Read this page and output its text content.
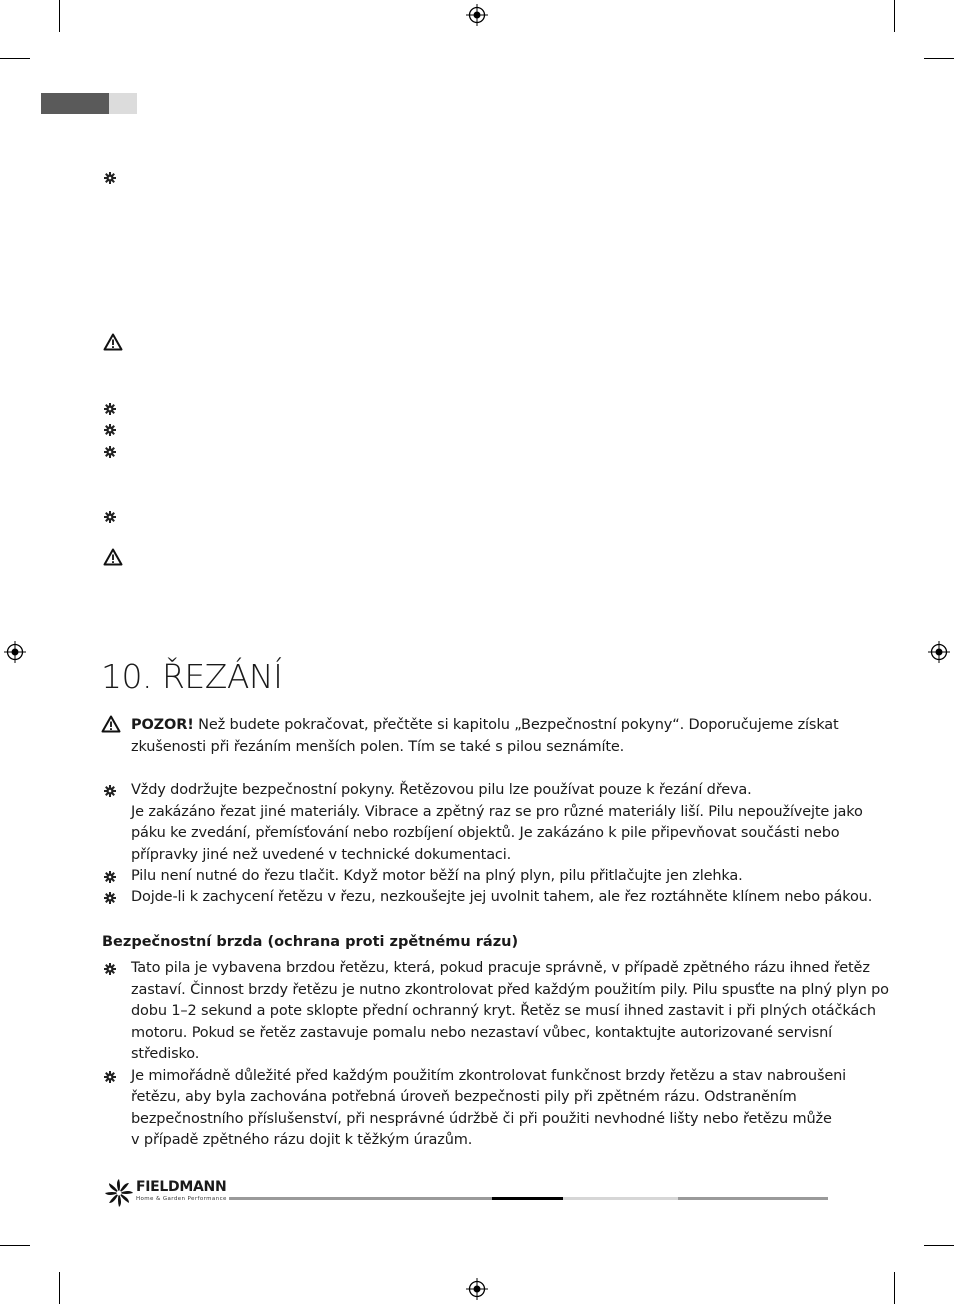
10. ŘEZÁNÍ
POZOR! Než budete pokračovat, přečtěte si kapitolu „Bezpečnostní pokyny“. Doporučujeme získat
zkušenosti při řezáním menších polen. Tím se také s pilou seznámíte.
Vždy dodržujte bezpečnostní pokyny. Řetězovou pilu lze používat pouze k řezání dřeva.
Je zakázáno řezat jiné materiály. Vibrace a zpětný raz se pro různé materiály liší. Pilu nepoužívejte jako
páku ke zvedání, přemísťování nebo rozbíjení objektů. Je zakázáno k pile připevňovat součásti nebo
přípravky jiné než uvedené v technické dokumentaci.
Pilu není nutné do řezu tlačit. Když motor běží na plný plyn, pilu přitlačujte jen zlehka.
Dojde-li k zachycení řetězu v řezu, nezkoušejte jej uvolnit tahem, ale řez roztáhněte klínem nebo pákou.
Bezpečnostní brzda (ochrana proti zpětnému rázu)
Tato pila je vybavena brzdou řetězu, která, pokud pracuje správně, v případě zpětného rázu ihned řetěz
zastaví. Činnost brzdy řetězu je nutno zkontrolovat před každým použitím pily. Pilu spusťte na plný plyn po
dobu 1–2 sekund a pote sklopte přední ochranný kryt. Řetěz se musí ihned zastavit i při plných otáčkách
motoru. Pokud se řetěz zastavuje pomalu nebo nezastaví vůbec, kontaktujte autorizované servisní
středisko.
Je mimořádně důležité před každým použitím zkontrolovat funkčnost brzdy řetězu a stav nabroušeni
řetězu, aby byla zachována potřebná úroveň bezpečnosti pily při zpětném rázu. Odstraněním
bezpečnostního příslušenství, při nesprávné údržbě či při použiti nevhodné lišty nebo řetězu může
v případě zpětného rázu dojit k těžkým úrazům.
FIELDMANN
Home & Garden Performance
